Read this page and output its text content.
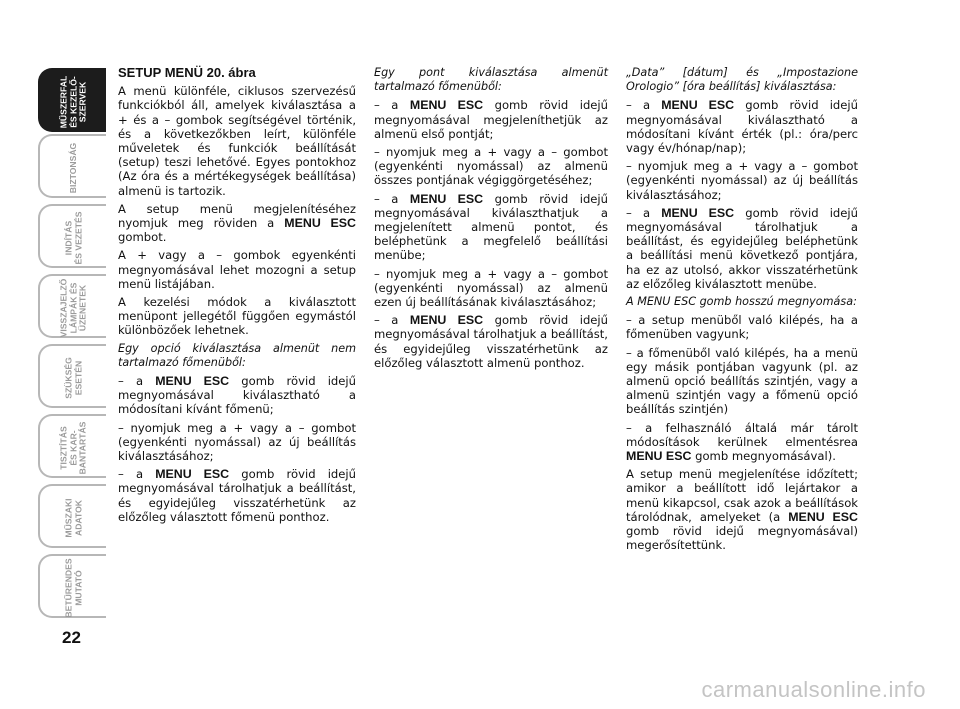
MŰSZERFAL
ÉS KEZELŐ-
SZERVEK
BIZTONSÁG
INDÍTÁS
ÉS VEZETÉS
VISSZAJELZŐ
LÁMPÁK ÉS
ÜZENETEK
SZÜKSÉG
ESETÉN
TISZTÍTÁS
ÉS KAR-
BANTARTÁS
MŰSZAKI
ADATOK
BETŰRENDES
MUTATÓ
22

SETUP MENÜ 20. ábra

A menü különféle, ciklusos szervezésű funkciókból áll, amelyek kiválasztása a + és a – gombok segítségével történik, és a következőkben leírt, különféle műveletek és funkciók beállítását (setup) teszi lehetővé. Egyes pontokhoz (Az óra és a mértékegységek beállítása) almenü is tartozik.

A setup menü megjelenítéséhez nyomjuk meg röviden a MENU ESC gombot.

A + vagy a – gombok egyenkénti megnyomásával lehet mozogni a setup menü listájában.

A kezelési módok a kiválasztott menüpont jellegétől függően egymástól különbözőek lehetnek.

Egy opció kiválasztása almenüt nem tartalmazó főmenüből:

– a MENU ESC gomb rövid idejű megnyomásával kiválasztható a módosítani kívánt főmenü;

– nyomjuk meg a + vagy a – gombot (egyenkénti nyomással) az új beállítás kiválasztásához;

– a MENU ESC gomb rövid idejű megnyomásával tárolhatjuk a beállítást, és egyidejűleg visszatérhetünk az előzőleg választott főmenü ponthoz.

Egy pont kiválasztása almenüt tartalmazó főmenüből:

– a MENU ESC gomb rövid idejű megnyomásával megjeleníthetjük az almenü első pontját;

– nyomjuk meg a + vagy a – gombot (egyenkénti nyomással) az almenü összes pontjának végiggörgetéséhez;

– a MENU ESC gomb rövid idejű megnyomásával kiválaszthatjuk a megjelenített almenü pontot, és beléphetünk a megfelelő beállítási menübe;

– nyomjuk meg a + vagy a – gombot (egyenkénti nyomással) az almenü ezen új beállításának kiválasztásához;

– a MENU ESC gomb rövid idejű megnyomásával tárolhatjuk a beállítást, és egyidejűleg visszatérhetünk az előzőleg választott almenü ponthoz.

„Data” [dátum] és „Impostazione Orologio” [óra beállítás] kiválasztása:

– a MENU ESC gomb rövid idejű megnyomásával kiválasztható a módosítani kívánt érték (pl.: óra/perc vagy év/hónap/nap);

– nyomjuk meg a + vagy a – gombot (egyenkénti nyomással) az új beállítás kiválasztásához;

– a MENU ESC gomb rövid idejű megnyomásával tárolhatjuk a beállítást, és egyidejűleg beléphetünk a beállítási menü következő pontjára, ha ez az utolsó, akkor visszatérhetünk az előzőleg kiválasztott menübe.

A MENU ESC gomb hosszú megnyomása:

– a setup menüből való kilépés, ha a főmenüben vagyunk;

– a főmenüből való kilépés, ha a menü egy másik pontjában vagyunk (pl. az almenü opció beállítás szintjén, vagy a almenü szintjén vagy a főmenü opció beállítás szintjén)

– a felhasználó általá már tárolt módosítások kerülnek elmentésrea MENU ESC gomb megnyomásával).

A setup menü megjelenítése időzített; amikor a beállított idő lejártakor a menü kikapcsol, csak azok a beállítások tárolódnak, amelyeket (a MENU ESC gomb rövid idejű megnyomásával) megerősítettünk.

carmanualsonline.info
